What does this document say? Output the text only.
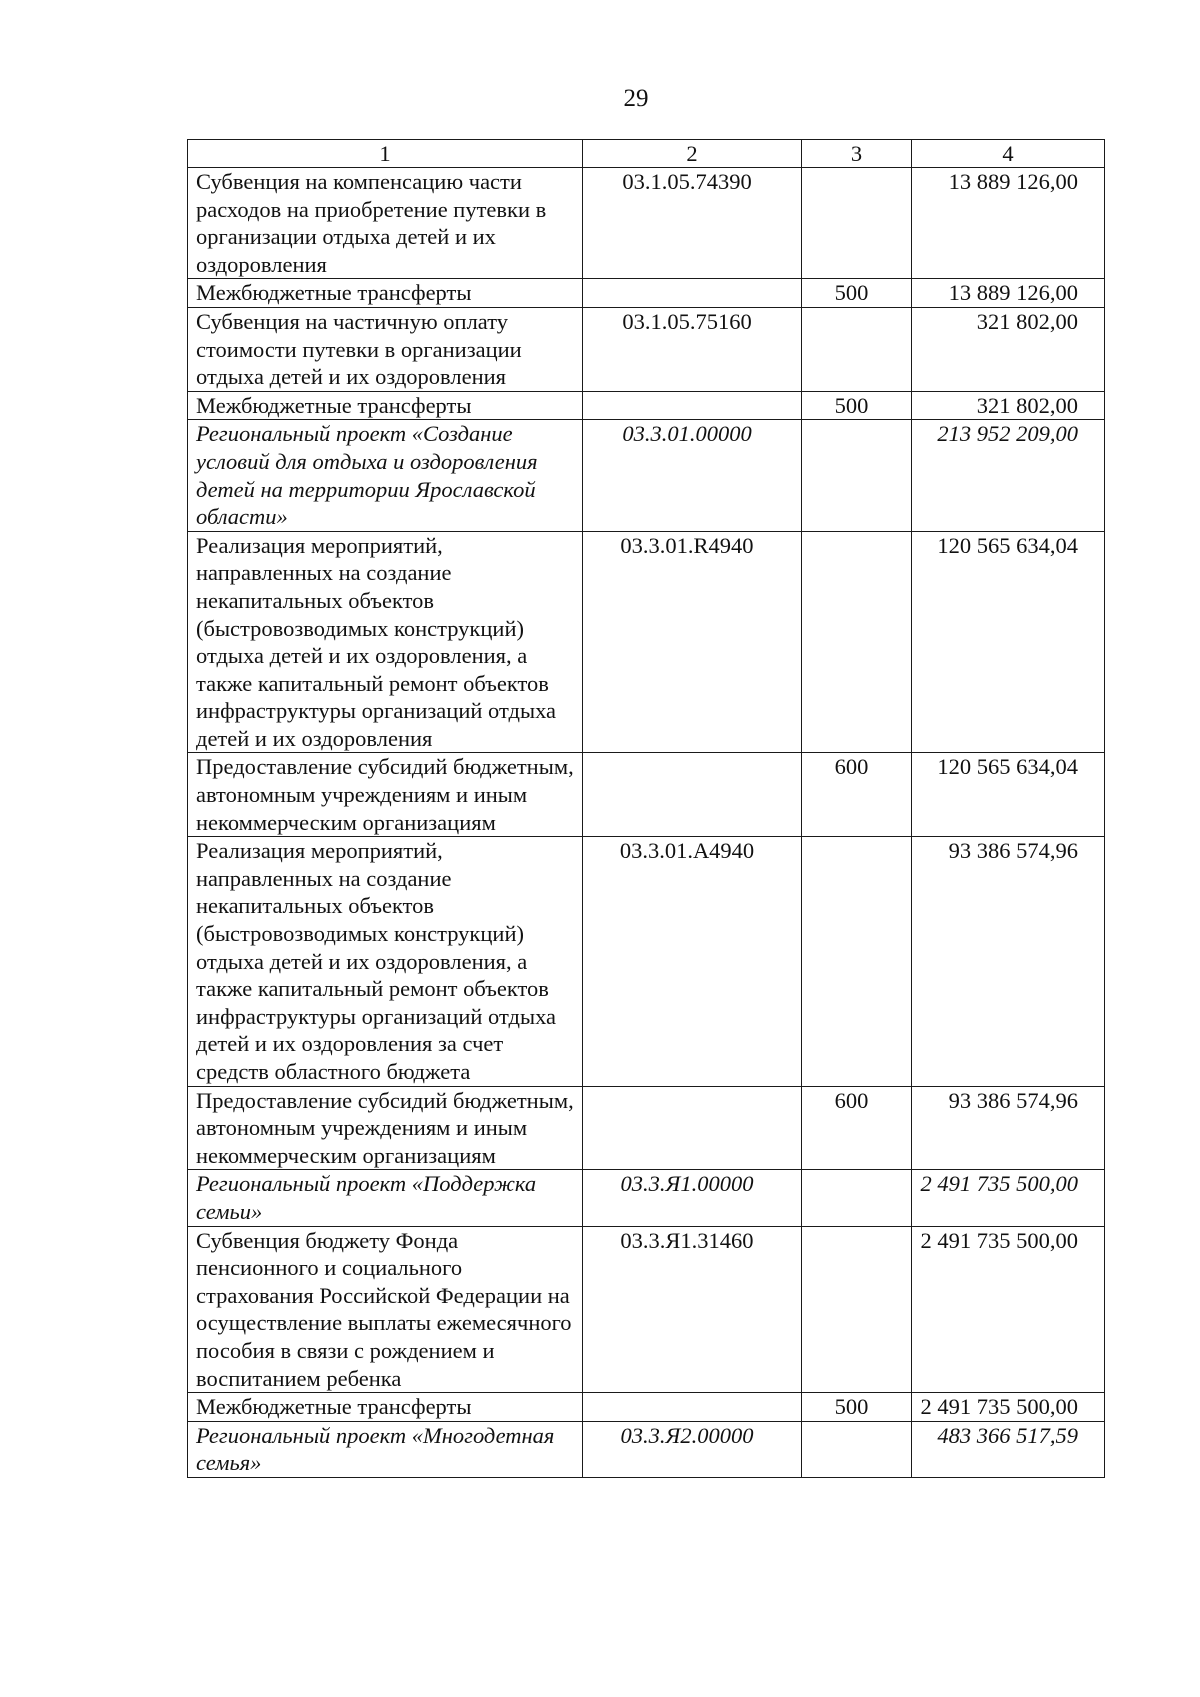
29
1	2	3	4
Субвенция на компенсацию части расходов на приобретение путевки в организации отдыха детей и их оздоровления	03.1.05.74390		13 889 126,00
Межбюджетные трансферты		500	13 889 126,00
Субвенция на частичную оплату стоимости путевки в организации отдыха детей и их оздоровления	03.1.05.75160		321 802,00
Межбюджетные трансферты		500	321 802,00
Региональный проект «Создание условий для отдыха и оздоровления детей на территории Ярославской области»	03.3.01.00000		213 952 209,00
Реализация мероприятий, направленных на создание некапитальных объектов (быстровозводимых конструкций) отдыха детей и их оздоровления, а также капитальный ремонт объектов инфраструктуры организаций отдыха детей и их оздоровления	03.3.01.R4940		120 565 634,04
Предоставление субсидий бюджетным, автономным учреждениям и иным некоммерческим организациям		600	120 565 634,04
Реализация мероприятий, направленных на создание некапитальных объектов (быстровозводимых конструкций) отдыха детей и их оздоровления, а также капитальный ремонт объектов инфраструктуры организаций отдыха детей и их оздоровления за счет средств областного бюджета	03.3.01.A4940		93 386 574,96
Предоставление субсидий бюджетным, автономным учреждениям и иным некоммерческим организациям		600	93 386 574,96
Региональный проект «Поддержка семьи»	03.3.Я1.00000		2 491 735 500,00
Субвенция бюджету Фонда пенсионного и социального страхования Российской Федерации на осуществление выплаты ежемесячного пособия в связи с рождением и воспитанием ребенка	03.3.Я1.31460		2 491 735 500,00
Межбюджетные трансферты		500	2 491 735 500,00
Региональный проект «Многодетная семья»	03.3.Я2.00000		483 366 517,59
